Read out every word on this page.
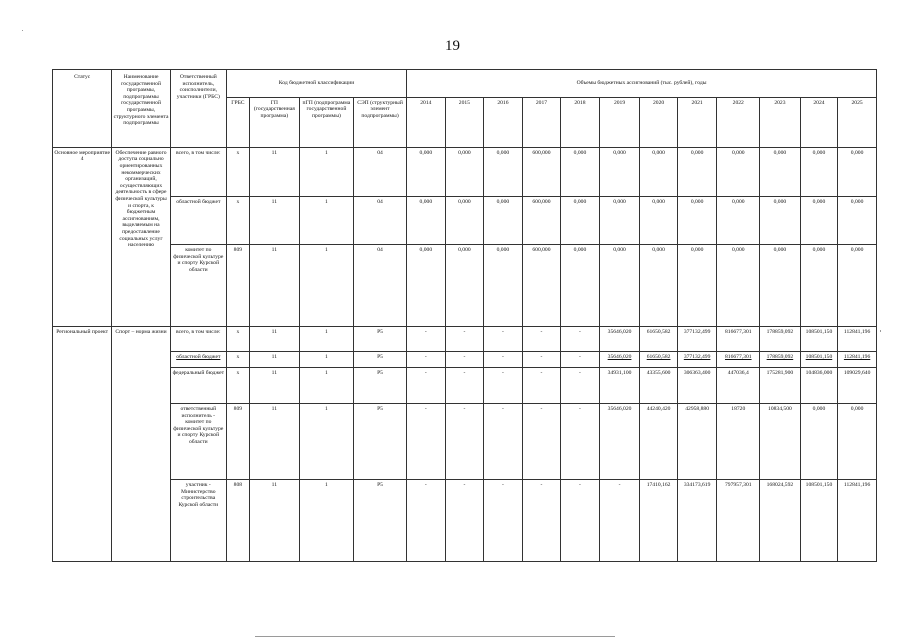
19
Статус	Наименование государственной программы, подпрограммы государственной программы, структурного элемента подпрограммы	Ответственный исполнитель, соисполнители, участники (ГРБС)	Код бюджетной классификации				Объемы бюджетных ассигнований (тыс. рублей), годы											
			ГРБС	ГП (государственная программа)	пГП (подпрограмма государственной программы)	СЭП (структурный элемент подпрограммы)	2014	2015	2016	2017	2018	2019	2020	2021	2022	2023	2024	2025
Основное мероприятие 4	Обеспечение равного доступа социально ориентированных некоммерческих организаций, осуществляющих деятельность в сфере физической культуры и спорта, к бюджетным ассигнованиям, выделяемым на предоставление социальных услуг населению	всего, в том числе:	х	11	1	04	0,000	0,000	0,000	600,000	0,000	0,000	0,000	0,000	0,000	0,000	0,000	0,000
		областной бюджет	х	11	1	04	0,000	0,000	0,000	600,000	0,000	0,000	0,000	0,000	0,000	0,000	0,000	0,000
		комитет по физической культуре и спорту Курской области	809	11	1	04	0,000	0,000	0,000	600,000	0,000	0,000	0,000	0,000	0,000	0,000	0,000	0,000
Региональный проект	Спорт – норма жизни	всего, в том числе:	х	11	1	Р5	-	-	-	-	-	35646,020	61650,582	377132,499	816677,301	178859,092	108501,150	112841,196
		областной бюджет	х	11	1	Р5	-	-	-	-	-	35646,020	61650,582	377132,499	816677,301	178859,092	108501,150	112841,196
		федеральный бюджет	х	11	1	Р5	-	-	-	-	-	34931,100	43355,600	306363,400	447036,4	175281,900	104836,000	109029,640
		ответственный исполнитель - комитет по физической культуре и спорту Курской области	809	11	1	Р5	-	-	-	-	-	35646,020	44240,420	42958,880	18720	10834,500	0,000	0,000
		участник - Министерство строительства Курской области	808	11	1	Р5	-	-	-	-	-	-	17410,162	334173,619	797957,301	168024,592	108501,150	112841,196
